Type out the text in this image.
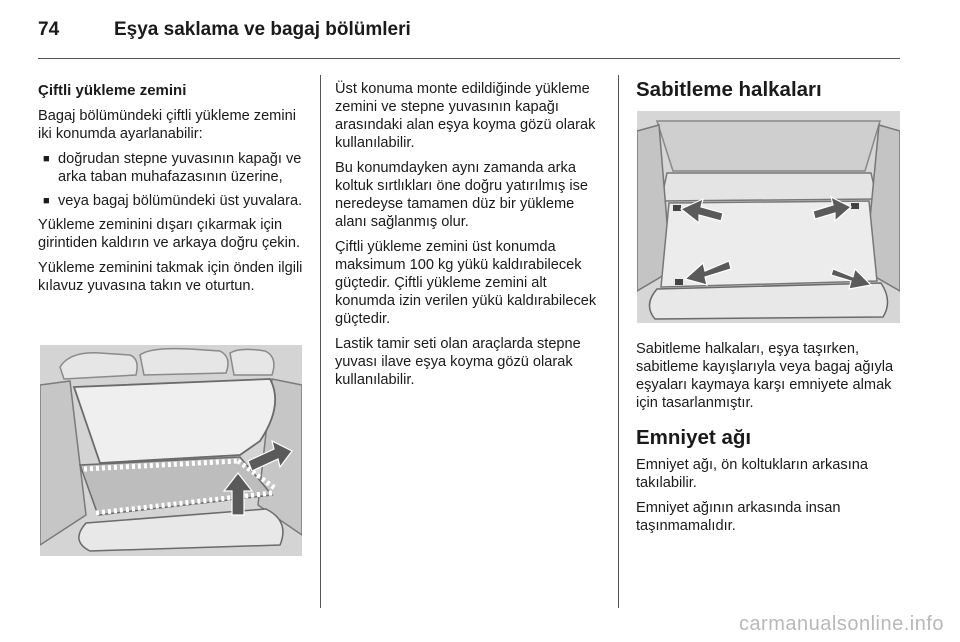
74	Eşya saklama ve bagaj bölümleri

Çiftli yükleme zemini

Bagaj bölümündeki çiftli yükleme zemini iki konumda ayarlanabilir:

■ doğrudan stepne yuvasının kapağı ve arka taban muhafazasının üzerine,
■ veya bagaj bölümündeki üst yuvalara.

Yükleme zeminini dışarı çıkarmak için girintiden kaldırın ve arkaya doğru çekin.

Yükleme zeminini takmak için önden ilgili kılavuz yuvasına takın ve oturtun.

Üst konuma monte edildiğinde yükleme zemini ve stepne yuvasının kapağı arasındaki alan eşya koyma gözü olarak kullanılabilir.

Bu konumdayken aynı zamanda arka koltuk sırtlıkları öne doğru yatırılmış ise neredeyse tamamen düz bir yükleme alanı sağlanmış olur.

Çiftli yükleme zemini üst konumda maksimum 100 kg yükü kaldırabilecek güçtedir. Çiftli yükleme zemini alt konumda izin verilen yükü kaldırabilecek güçtedir.

Lastik tamir seti olan araçlarda stepne yuvası ilave eşya koyma gözü olarak kullanılabilir.

Sabitleme halkaları

Sabitleme halkaları, eşya taşırken, sabitleme kayışlarıyla veya bagaj ağıyla eşyaları kaymaya karşı emniyete almak için tasarlanmıştır.

Emniyet ağı

Emniyet ağı, ön koltukların arkasına takılabilir.

Emniyet ağının arkasında insan taşınmamalıdır.

carmanualsonline.info
